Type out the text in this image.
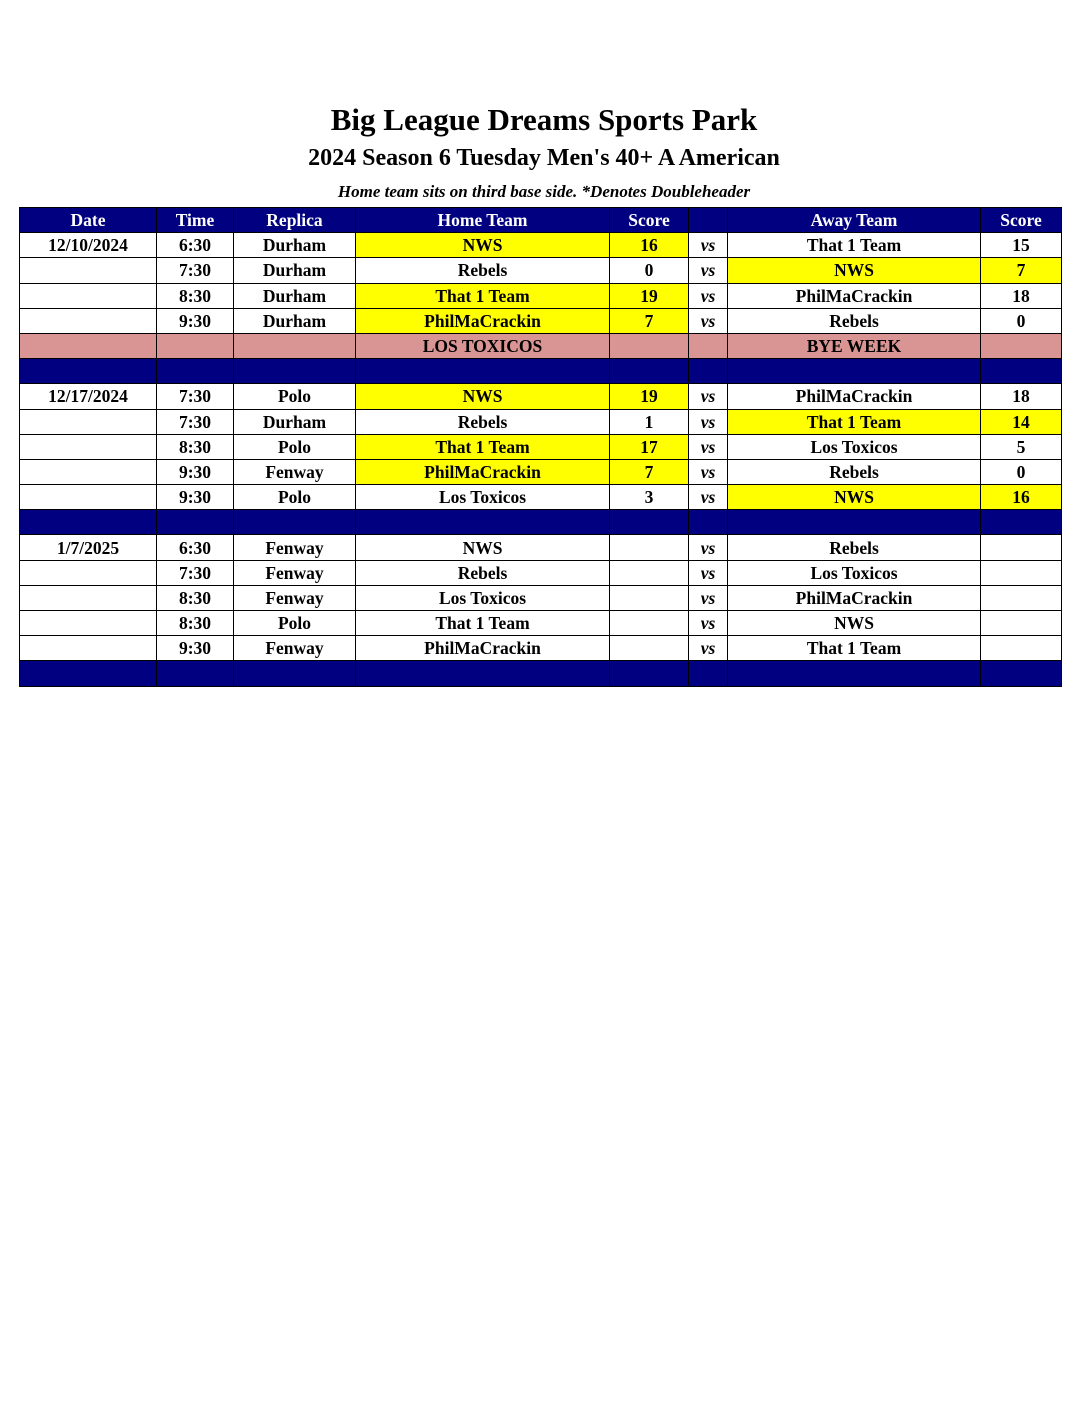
Big League Dreams Sports Park
2024 Season 6 Tuesday Men's 40+ A American
Home team sits on third base side. *Denotes Doubleheader
Date	Time	Replica	Home Team	Score		Away Team	Score
12/10/2024	6:30	Durham	NWS	16	vs	That 1 Team	15
	7:30	Durham	Rebels	0	vs	NWS	7
	8:30	Durham	That 1 Team	19	vs	PhilMaCrackin	18
	9:30	Durham	PhilMaCrackin	7	vs	Rebels	0
			LOS TOXICOS			BYE WEEK	

12/17/2024	7:30	Polo	NWS	19	vs	PhilMaCrackin	18
	7:30	Durham	Rebels	1	vs	That 1 Team	14
	8:30	Polo	That 1 Team	17	vs	Los Toxicos	5
	9:30	Fenway	PhilMaCrackin	7	vs	Rebels	0
	9:30	Polo	Los Toxicos	3	vs	NWS	16

1/7/2025	6:30	Fenway	NWS		vs	Rebels	
	7:30	Fenway	Rebels		vs	Los Toxicos	
	8:30	Fenway	Los Toxicos		vs	PhilMaCrackin	
	8:30	Polo	That 1 Team		vs	NWS	
	9:30	Fenway	PhilMaCrackin		vs	That 1 Team	
